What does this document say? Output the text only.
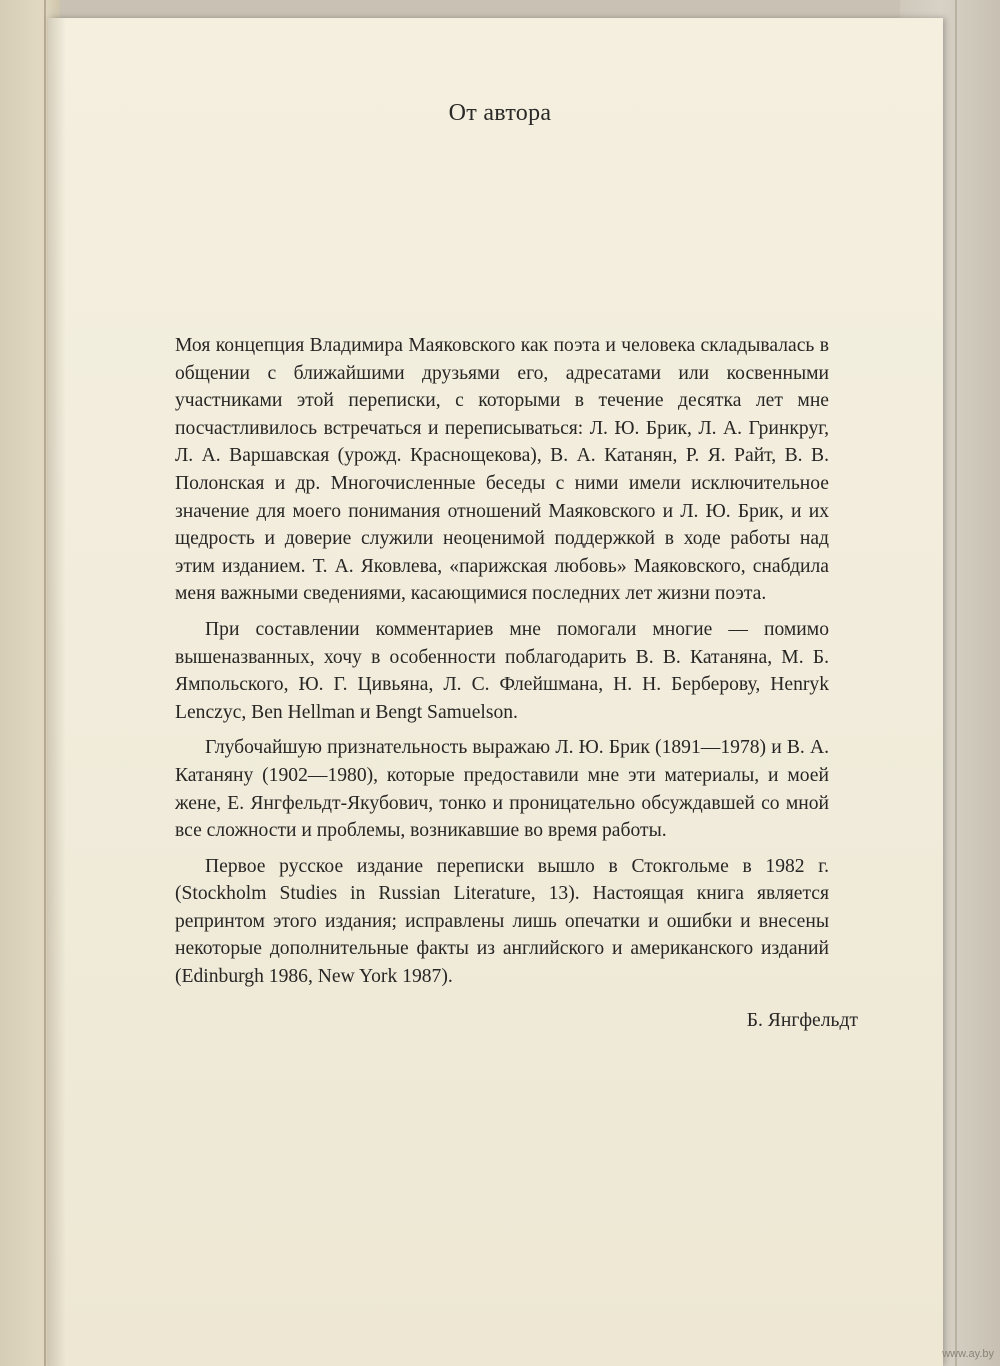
От автора

Моя концепция Владимира Маяковского как поэта и человека складывалась в общении с ближайшими друзьями его, адресатами или косвенными участниками этой переписки, с которыми в течение десятка лет мне посчастливилось встречаться и переписываться: Л. Ю. Брик, Л. А. Гринкруг, Л. А. Варшавская (урожд. Краснощекова), В. А. Катанян, Р. Я. Райт, В. В. Полонская и др. Многочисленные беседы с ними имели исключительное значение для моего понимания отношений Маяковского и Л. Ю. Брик, и их щедрость и доверие служили неоценимой поддержкой в ходе работы над этим изданием. Т. А. Яковлева, «парижская любовь» Маяковского, снабдила меня важными сведениями, касающимися последних лет жизни поэта.

При составлении комментариев мне помогали многие — помимо вышеназванных, хочу в особенности поблагодарить В. В. Катаняна, М. Б. Ямпольского, Ю. Г. Цивьяна, Л. С. Флейшмана, Н. Н. Берберову, Henryk Lenczyc, Ben Hellman и Bengt Samuelson.

Глубочайшую признательность выражаю Л. Ю. Брик (1891—1978) и В. А. Катаняну (1902—1980), которые предоставили мне эти материалы, и моей жене, Е. Янгфельдт-Якубович, тонко и проницательно обсуждавшей со мной все сложности и проблемы, возникавшие во время работы.

Первое русское издание переписки вышло в Стокгольме в 1982 г. (Stockholm Studies in Russian Literature, 13). Настоящая книга является репринтом этого издания; исправлены лишь опечатки и ошибки и внесены некоторые дополнительные факты из английского и американского изданий (Edinburgh 1986, New York 1987).

Б. Янгфельдт
www.ay.by
